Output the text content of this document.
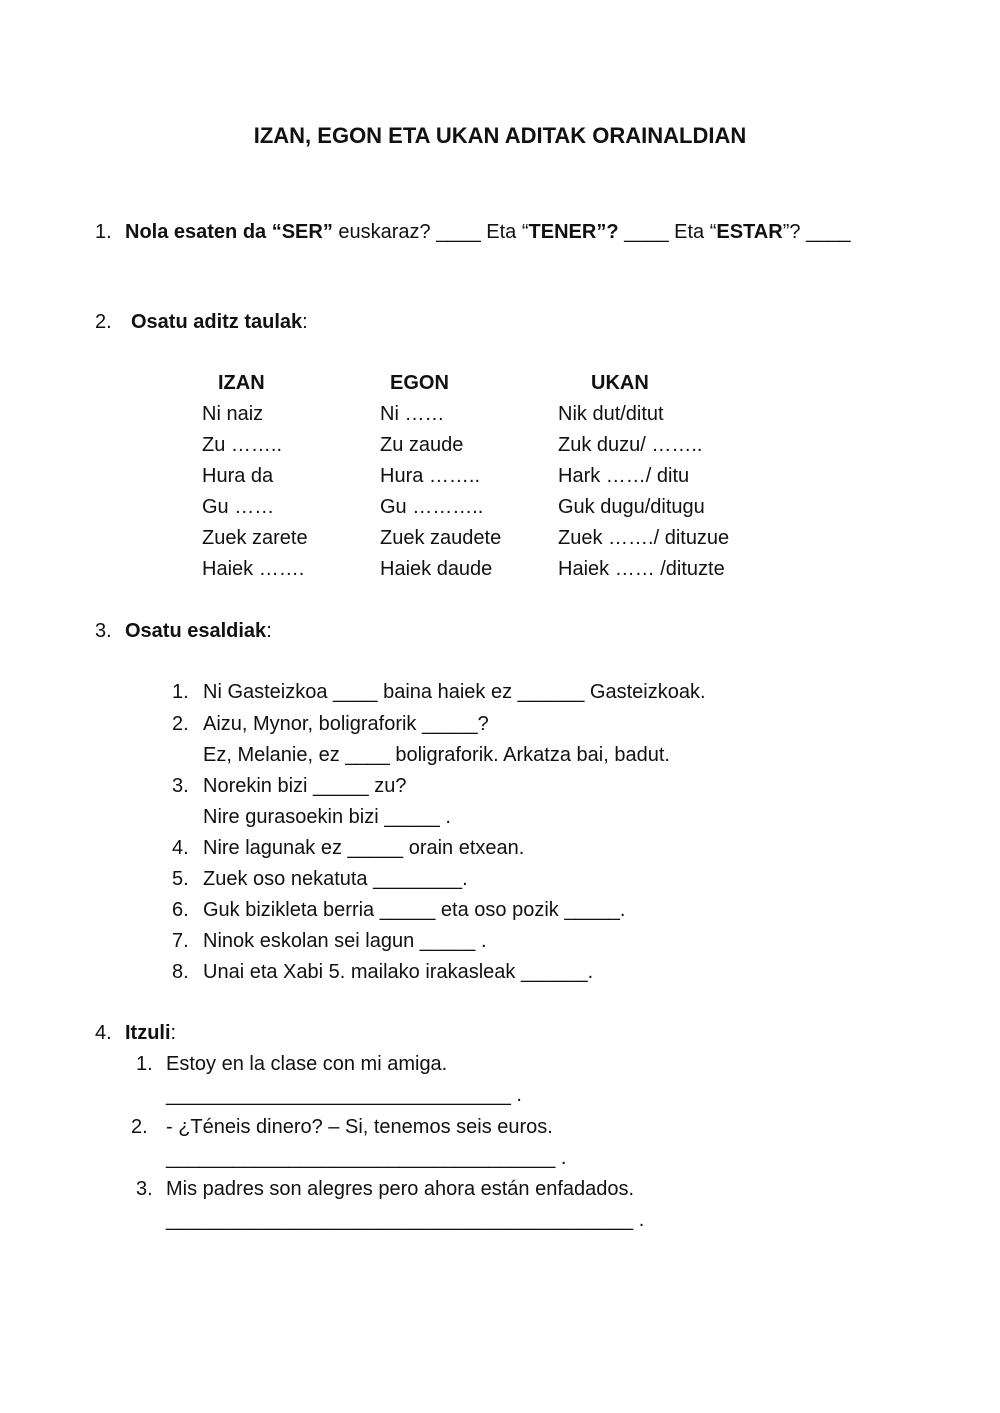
IZAN, EGON ETA UKAN ADITAK ORAINALDIAN
1. Nola esaten da “SER” euskaraz? ____ Eta “TENER”? ____ Eta “ESTAR”? ____
2. Osatu aditz taulak:
IZAN	EGON	UKAN
Ni naiz
Zu ……..
Hura da
Gu ……
Zuek zarete
Haiek …….
Ni ……
Zu zaude
Hura ……..
Gu ………..
Zuek zaudete
Haiek daude
Nik dut/ditut
Zuk duzu/ ……..
Hark ……/ ditu
Guk dugu/ditugu
Zuek ……./ dituzue
Haiek …… /dituzte
3. Osatu esaldiak:
1. Ni Gasteizkoa ____ baina haiek ez ______ Gasteizkoak.
2. Aizu, Mynor, boligraforik _____?
Ez, Melanie, ez ____ boligraforik. Arkatza bai, badut.
3. Norekin bizi _____ zu?
Nire gurasoekin bizi _____ .
4. Nire lagunak ez _____ orain etxean.
5. Zuek oso nekatuta ________.
6. Guk bizikleta berria _____ eta oso pozik _____.
7. Ninok eskolan sei lagun _____ .
8. Unai eta Xabi 5. mailako irakasleak ______.
4. Itzuli:
1. Estoy en la clase con mi amiga.
_______________________________ .
2. - ¿Téneis dinero? – Si, tenemos seis euros.
___________________________________ .
3. Mis padres son alegres pero ahora están enfadados.
__________________________________________ .
